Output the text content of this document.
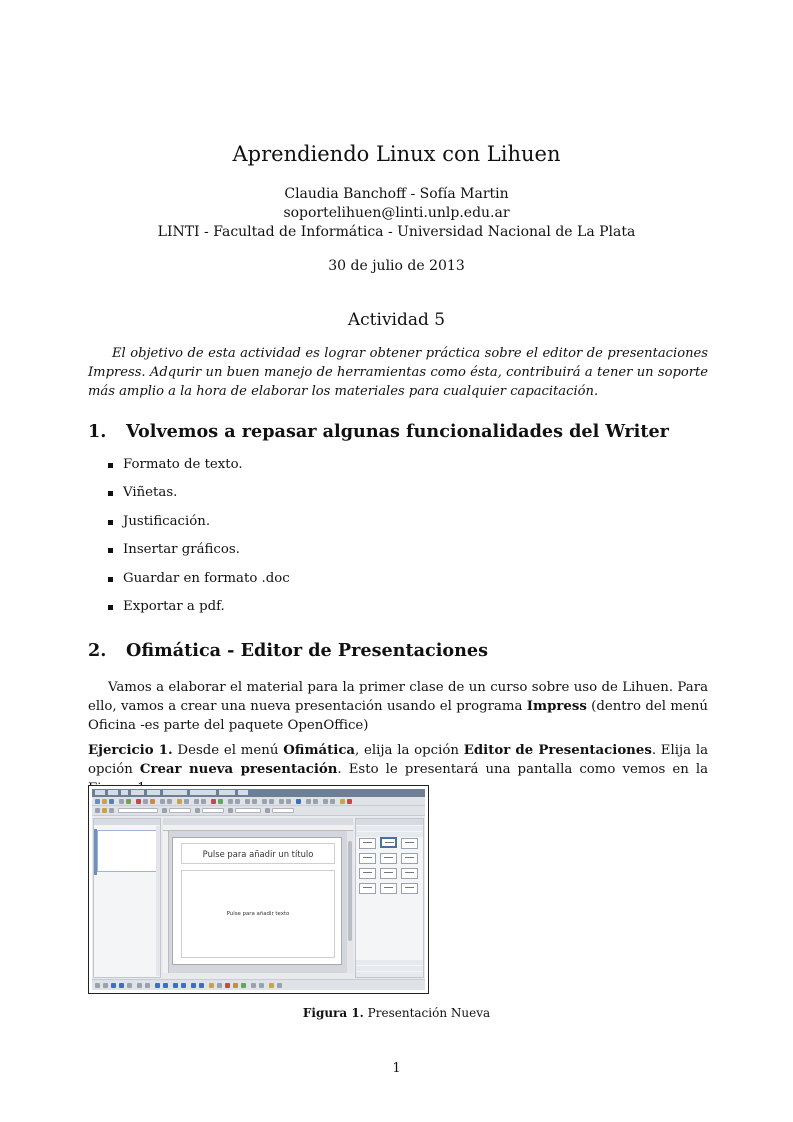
Aprendiendo Linux con Lihuen
Claudia Banchoff - Sofía Martin
soportelihuen@linti.unlp.edu.ar
LINTI - Facultad de Informática - Universidad Nacional de La Plata
30 de julio de 2013
Actividad 5

El objetivo de esta actividad es lograr obtener práctica sobre el editor de presentaciones Impress. Adqurir un buen manejo de herramientas como ésta, contribuirá a tener un soporte más amplio a la hora de elaborar los materiales para cualquier capacitación.

1. Volvemos a repasar algunas funcionalidades del Writer
Formato de texto.
Viñetas.
Justificación.
Insertar gráficos.
Guardar en formato .doc
Exportar a pdf.
2. Ofimática - Editor de Presentaciones

Vamos a elaborar el material para la primer clase de un curso sobre uso de Lihuen. Para ello, vamos a crear una nueva presentación usando el programa Impress (dentro del menú Oficina -es parte del paquete OpenOffice)

Ejercicio 1. Desde el menú Ofimática, elija la opción Editor de Presentaciones. Elija la opción Crear nueva presentación. Esto le presentará una pantalla como vemos en la

Pulse para añadir un título
Pulse para añadir texto
Figura 1. Presentación Nueva
1
